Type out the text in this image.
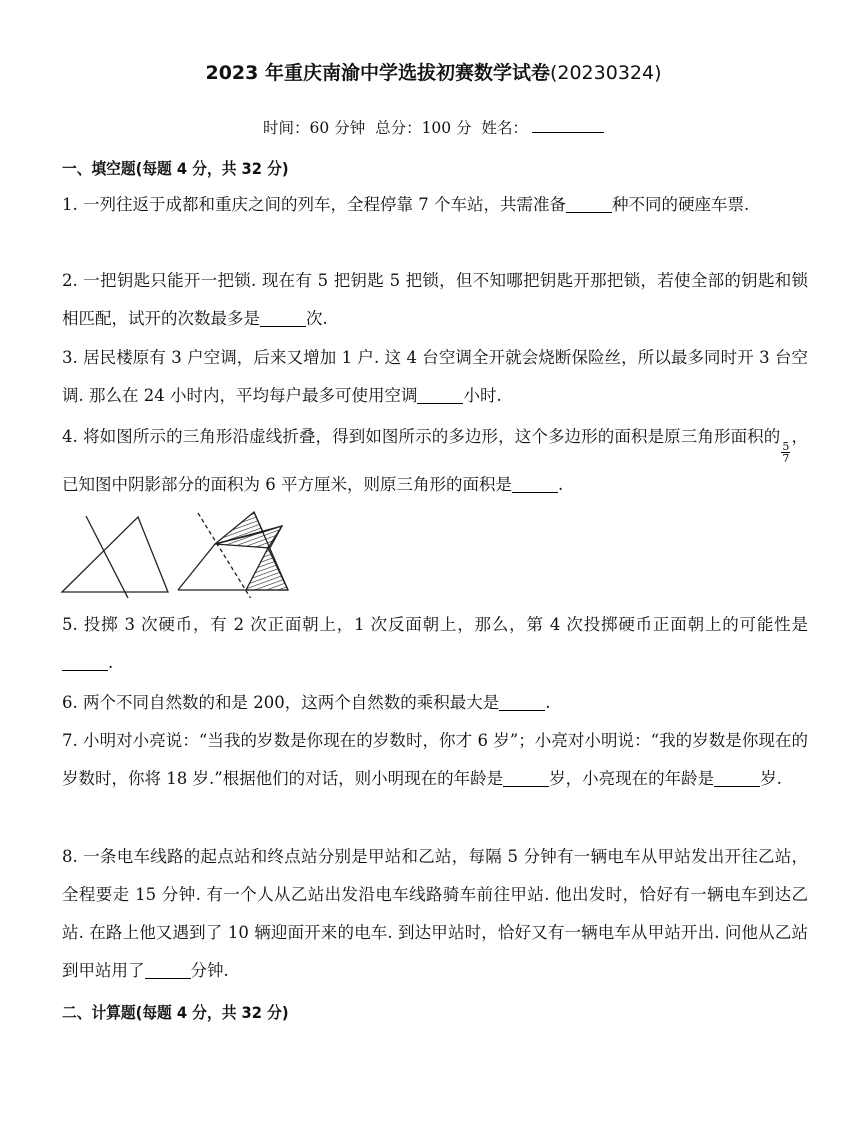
2023 年重庆南渝中学选拔初赛数学试卷(20230324)
时间：60 分钟 总分：100 分 姓名：
一、填空题(每题 4 分，共 32 分)
1. 一列往返于成都和重庆之间的列车，全程停靠 7 个车站，共需准备	种不同的硬座车票.
2. 一把钥匙只能开一把锁. 现在有 5 把钥匙 5 把锁，但不知哪把钥匙开那把锁，若使全部的钥匙和锁相匹配，试开的次数最多是	次.
3. 居民楼原有 3 户空调，后来又增加 1 户. 这 4 台空调全开就会烧断保险丝，所以最多同时开 3 台空调. 那么在 24 小时内，平均每户最多可使用空调	小时.
4. 将如图所示的三角形沿虚线折叠，得到如图所示的多边形，这个多边形的面积是原三角形面积的
$\frac{5}{7}$
，已知图中阴影部分的面积为 6 平方厘米，则原三角形的面积是	.
5. 投掷 3 次硬币，有 2 次正面朝上，1 次反面朝上，那么，第 4 次投掷硬币正面朝上的可能性是.
6. 两个不同自然数的和是 200，这两个自然数的乘积最大是	.
7. 小明对小亮说：“当我的岁数是你现在的岁数时，你才 6 岁”；小亮对小明说：“我的岁数是你现在的岁数时，你将 18 岁.”根据他们的对话，则小明现在的年龄是	岁，小亮现在的年龄是	岁.
8. 一条电车线路的起点站和终点站分别是甲站和乙站，每隔 5 分钟有一辆电车从甲站发出开往乙站，全程要走 15 分钟. 有一个人从乙站出发沿电车线路骑车前往甲站. 他出发时，恰好有一辆电车到达乙站. 在路上他又遇到了 10 辆迎面开来的电车. 到达甲站时，恰好又有一辆电车从甲站开出. 问他从乙站到甲站用了	分钟.
二、计算题(每题 4 分，共 32 分)
